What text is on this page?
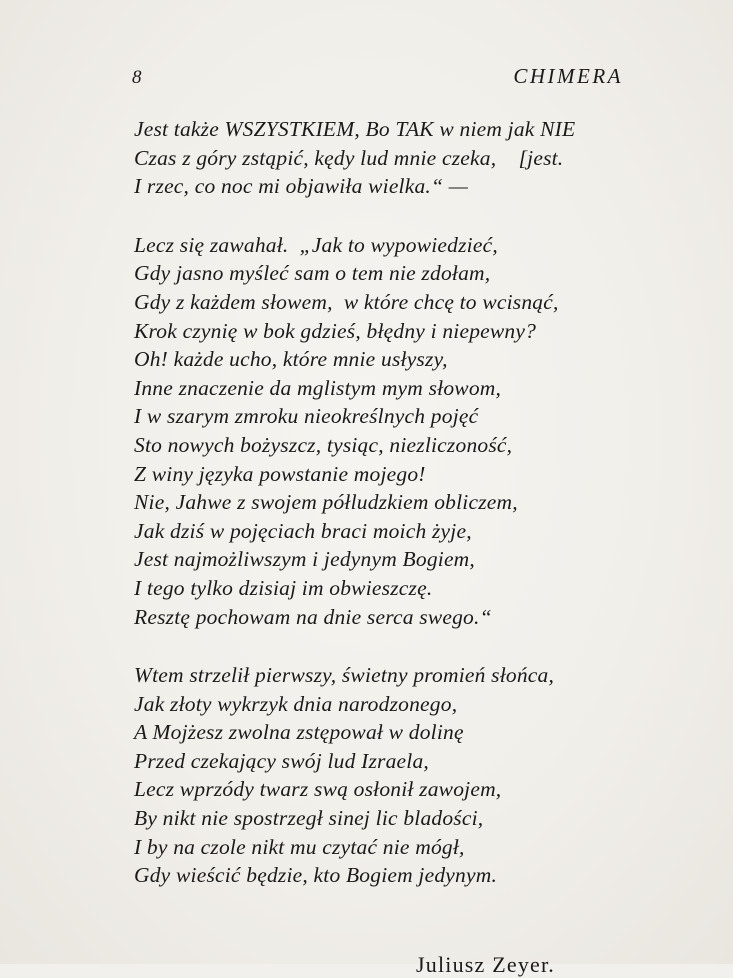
8	CHIMERA
Jest także WSZYSTKIEM, Bo TAK w niem jak NIE
Czas z góry zstąpić, kędy lud mnie czeka,    [jest.
I rzec, co noc mi objawiła wielka.“ —
Lecz się zawahał.  „Jak to wypowiedzieć,
Gdy jasno myśleć sam o tem nie zdołam,
Gdy z każdem słowem,  w które chcę to wcisnąć,
Krok czynię w bok gdzieś, błędny i niepewny?
Oh! każde ucho, które mnie usłyszy,
Inne znaczenie da mglistym mym słowom,
I w szarym zmroku nieokreślnych pojęć
Sto nowych bożyszcz, tysiąc, niezliczoność,
Z winy języka powstanie mojego!
Nie, Jahwe z swojem półludzkiem obliczem,
Jak dziś w pojęciach braci moich żyje,
Jest najmożliwszym i jedynym Bogiem,
I tego tylko dzisiaj im obwieszczę.
Resztę pochowam na dnie serca swego.“
Wtem strzelił pierwszy, świetny promień słońca,
Jak złoty wykrzyk dnia narodzonego,
A Mojżesz zwolna zstępował w dolinę
Przed czekający swój lud Izraela,
Lecz wprzódy twarz swą osłonił zawojem,
By nikt nie spostrzegł sinej lic bladości,
I by na czole nikt mu czytać nie mógł,
Gdy wieścić będzie, kto Bogiem jedynym.
Juliusz Zeyer.
